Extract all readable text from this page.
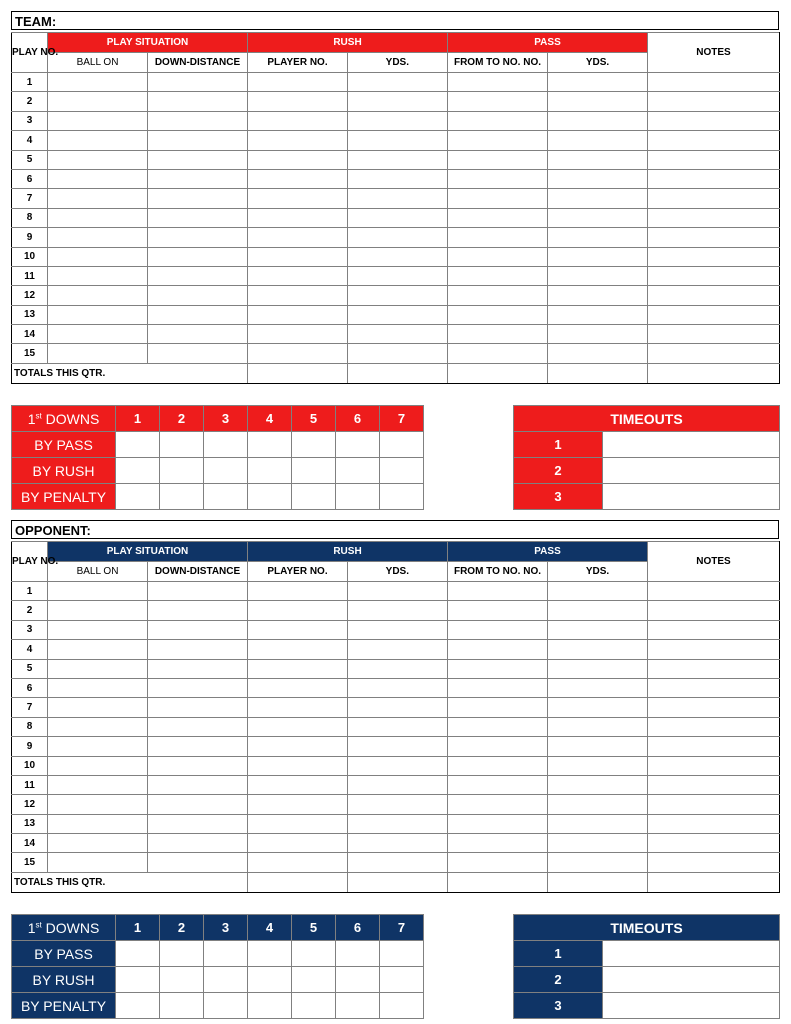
TEAM:
PLAY NO.	PLAY SITUATION		RUSH		PASS		NOTES
	BALL ON	DOWN-DISTANCE	PLAYER NO.	YDS.	FROM TO NO. NO.	YDS.	
1							
2							
3							
4							
5							
6							
7							
8							
9							
10							
11							
12							
13							
14							
15							
TOTALS THIS QTR.							
1st DOWNS	1	2	3	4	5	6	7
BY PASS							
BY RUSH							
BY PENALTY							
TIMEOUTS	
1	
2	
3	
OPPONENT:
PLAY NO.	PLAY SITUATION		RUSH		PASS		NOTES
	BALL ON	DOWN-DISTANCE	PLAYER NO.	YDS.	FROM TO NO. NO.	YDS.	
1							
2							
3							
4							
5							
6							
7							
8							
9							
10							
11							
12							
13							
14							
15							
TOTALS THIS QTR.							
1st DOWNS	1	2	3	4	5	6	7
BY PASS							
BY RUSH							
BY PENALTY							
TIMEOUTS	
1	
2	
3	
